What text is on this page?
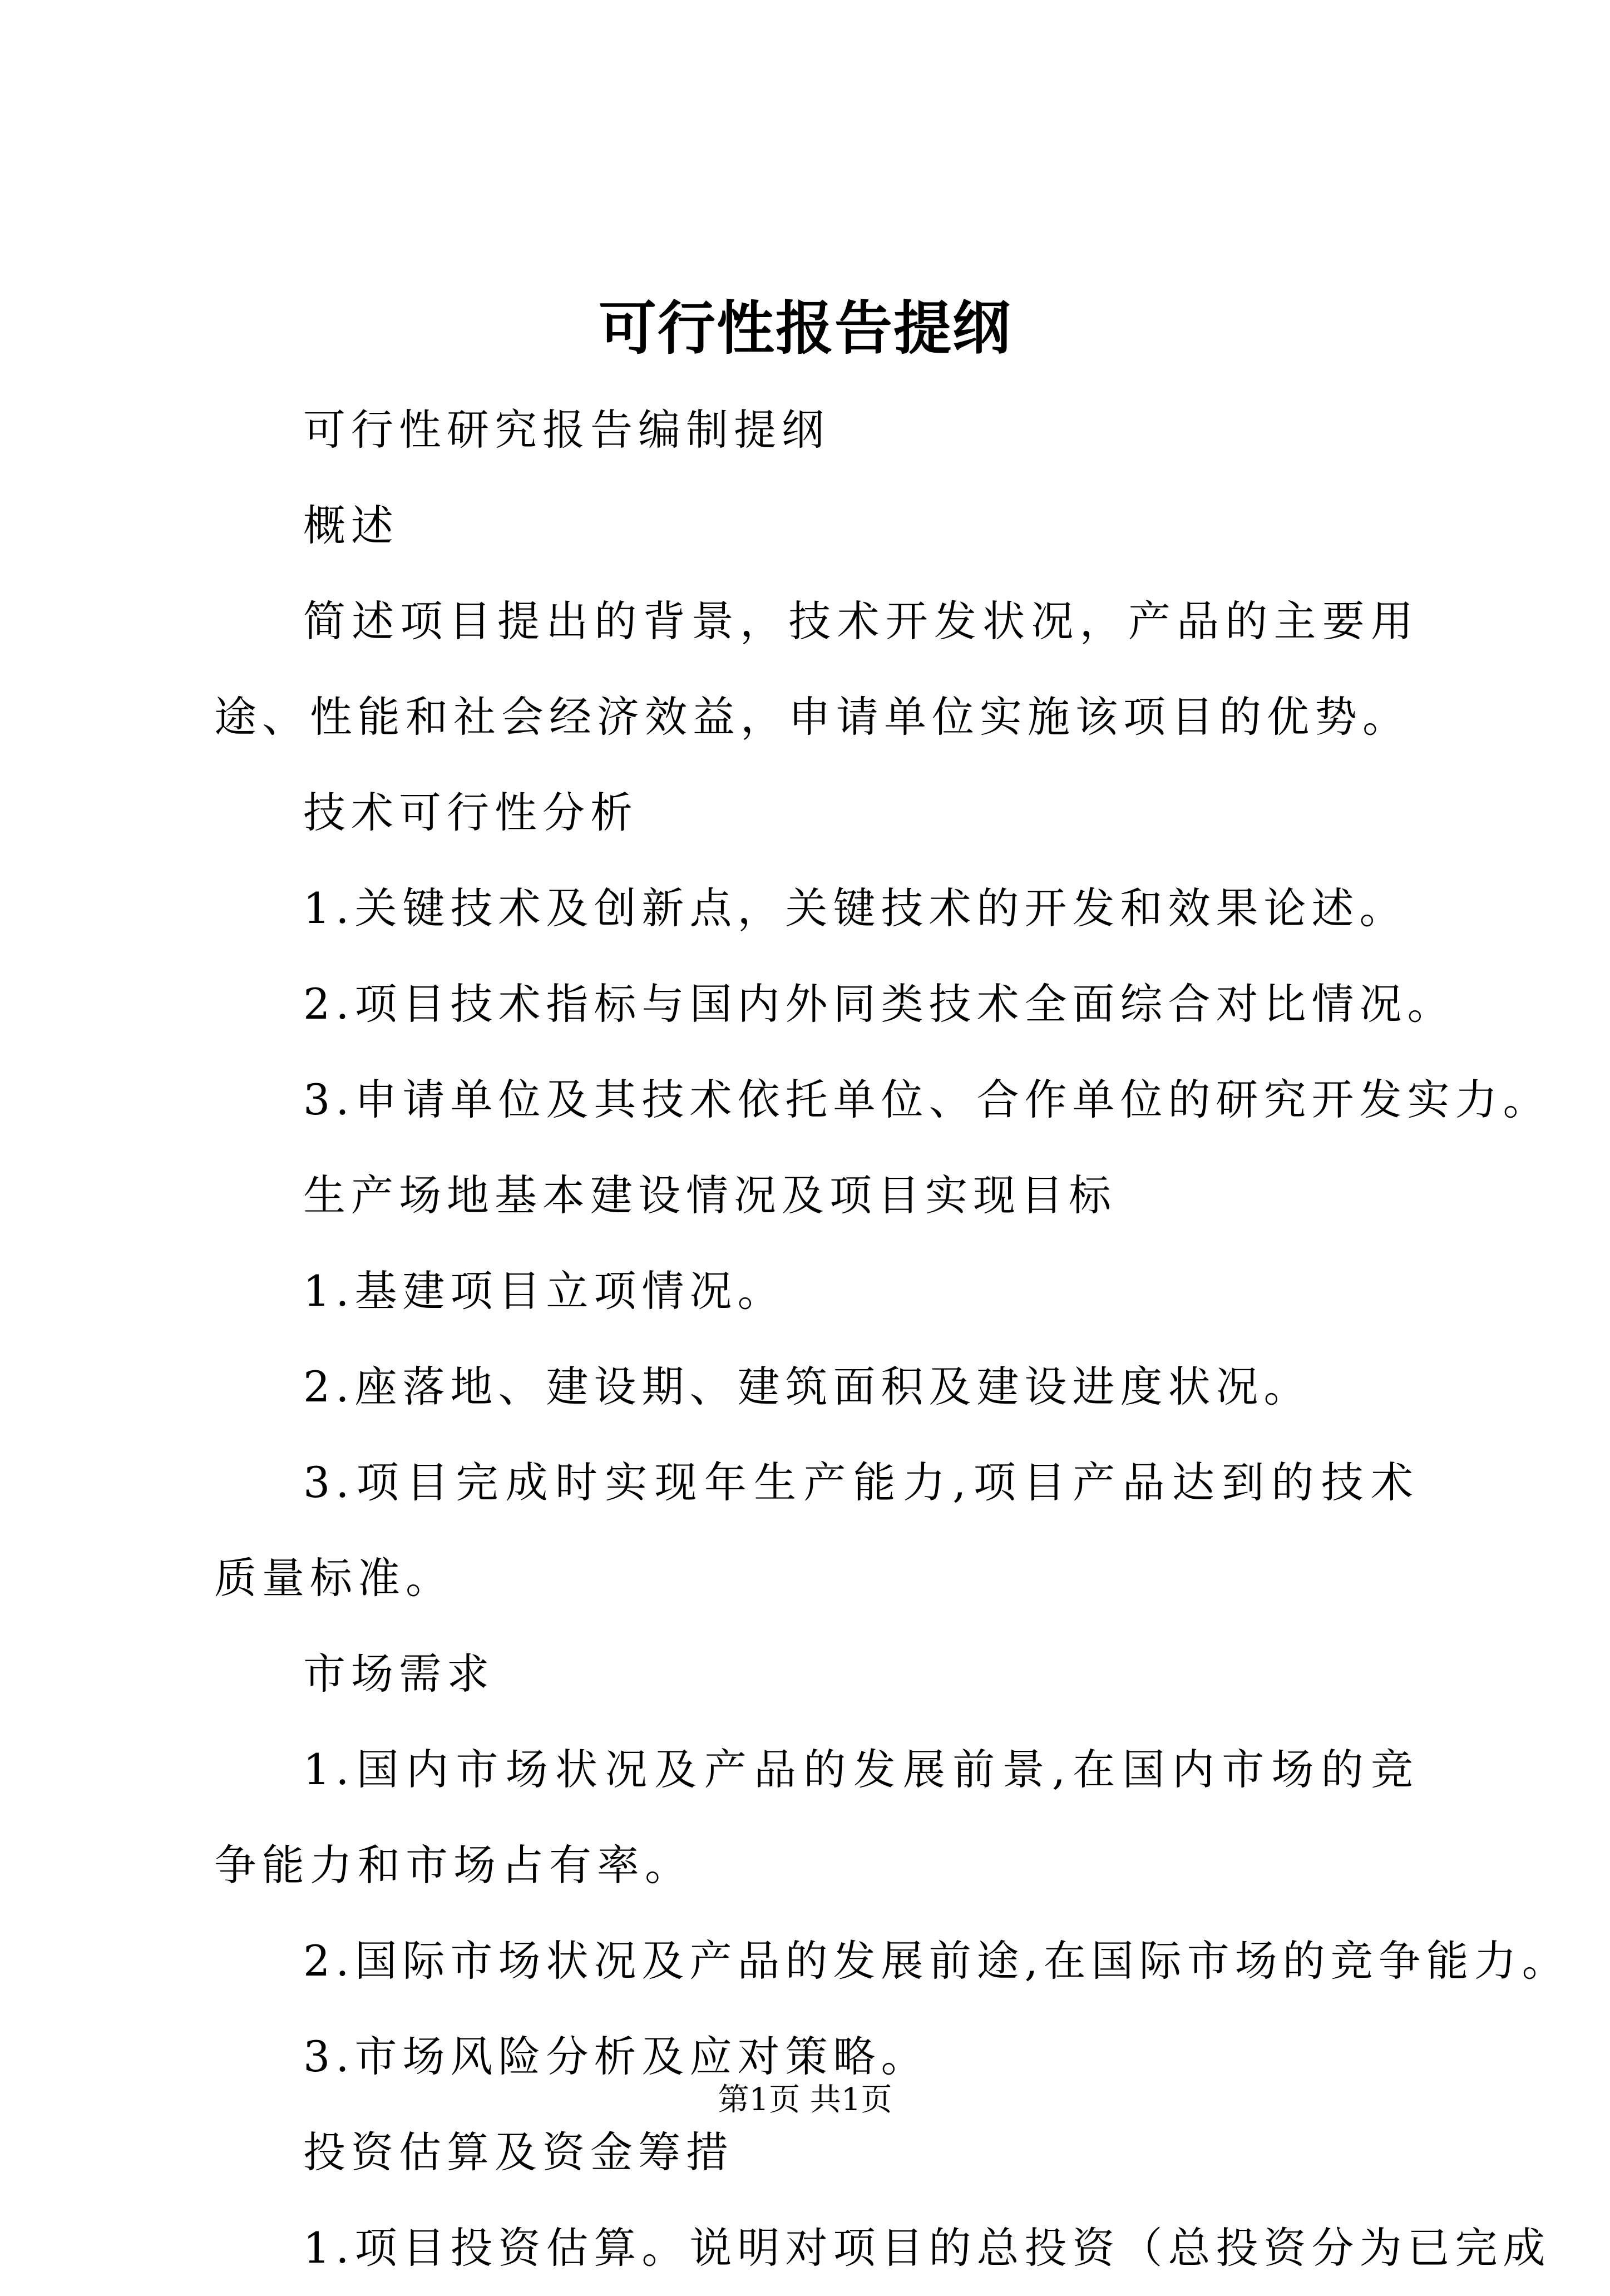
可行性报告提纲

可行性研究报告编制提纲

概述

简述项目提出的背景，技术开发状况，产品的主要用途、性能和社会经济效益，申请单位实施该项目的优势。

技术可行性分析

1.关键技术及创新点，关键技术的开发和效果论述。

2.项目技术指标与国内外同类技术全面综合对比情况。

3.申请单位及其技术依托单位、合作单位的研究开发实力。

生产场地基本建设情况及项目实现目标

1.基建项目立项情况。

2.座落地、建设期、建筑面积及建设进度状况。

3.项目完成时实现年生产能力,项目产品达到的技术质量标准。

市场需求

1.国内市场状况及产品的发展前景,在国内市场的竞争能力和市场占有率。

2.国际市场状况及产品的发展前途,在国际市场的竞争能力。

3.市场风险分析及应对策略。

投资估算及资金筹措

1.项目投资估算。说明对项目的总投资（总投资分为已完成

第1页 共1页
